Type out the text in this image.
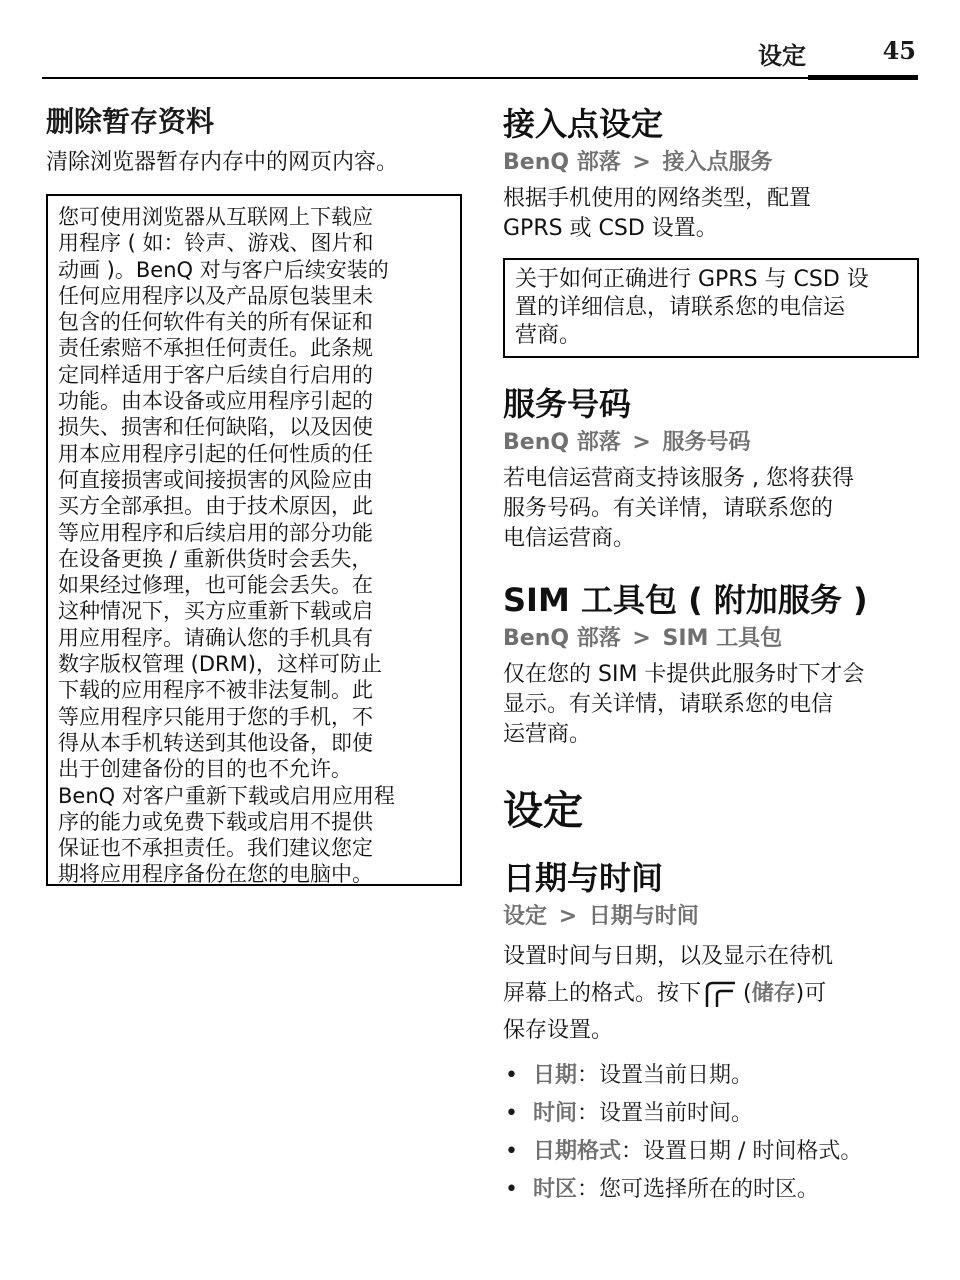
设定	45
删除暂存资料

清除浏览器暂存内存中的网页内容。

您可使用浏览器从互联网上下载应
用程序 ( 如：铃声、游戏、图片和
动画 )。BenQ 对与客户后续安装的
任何应用程序以及产品原包装里未
包含的任何软件有关的所有保证和
责任索赔不承担任何责任。此条规
定同样适用于客户后续自行启用的
功能。由本设备或应用程序引起的
损失、损害和任何缺陷，以及因使
用本应用程序引起的任何性质的任
何直接损害或间接损害的风险应由
买方全部承担。由于技术原因，此
等应用程序和后续启用的部分功能
在设备更换 / 重新供货时会丢失，
如果经过修理，也可能会丢失。在
这种情况下，买方应重新下载或启
用应用程序。请确认您的手机具有
数字版权管理 (DRM)，这样可防止
下载的应用程序不被非法复制。此
等应用程序只能用于您的手机，不
得从本手机转送到其他设备，即使
出于创建备份的目的也不允许。
BenQ 对客户重新下载或启用应用程
序的能力或免费下载或启用不提供
保证也不承担责任。我们建议您定
期将应用程序备份在您的电脑中。
接入点设定
BenQ 部落 > 接入点服务

根据手机使用的网络类型，配置
GPRS 或 CSD 设置。

关于如何正确进行 GPRS 与 CSD 设
置的详细信息，请联系您的电信运
营商。
服务号码
BenQ 部落 > 服务号码

若电信运营商支持该服务 , 您将获得
服务号码。有关详情，请联系您的
电信运营商。

SIM 工具包 ( 附加服务 )
BenQ 部落 > SIM 工具包

仅在您的 SIM 卡提供此服务时下才会
显示。有关详情，请联系您的电信
运营商。

设定
日期与时间
设定 > 日期与时间

设置时间与日期，以及显示在待机
屏幕上的格式。按下 (储存)可
保存设置。

• 日期：设置当前日期。
• 时间：设置当前时间。
• 日期格式：设置日期 / 时间格式。
• 时区：您可选择所在的时区。
